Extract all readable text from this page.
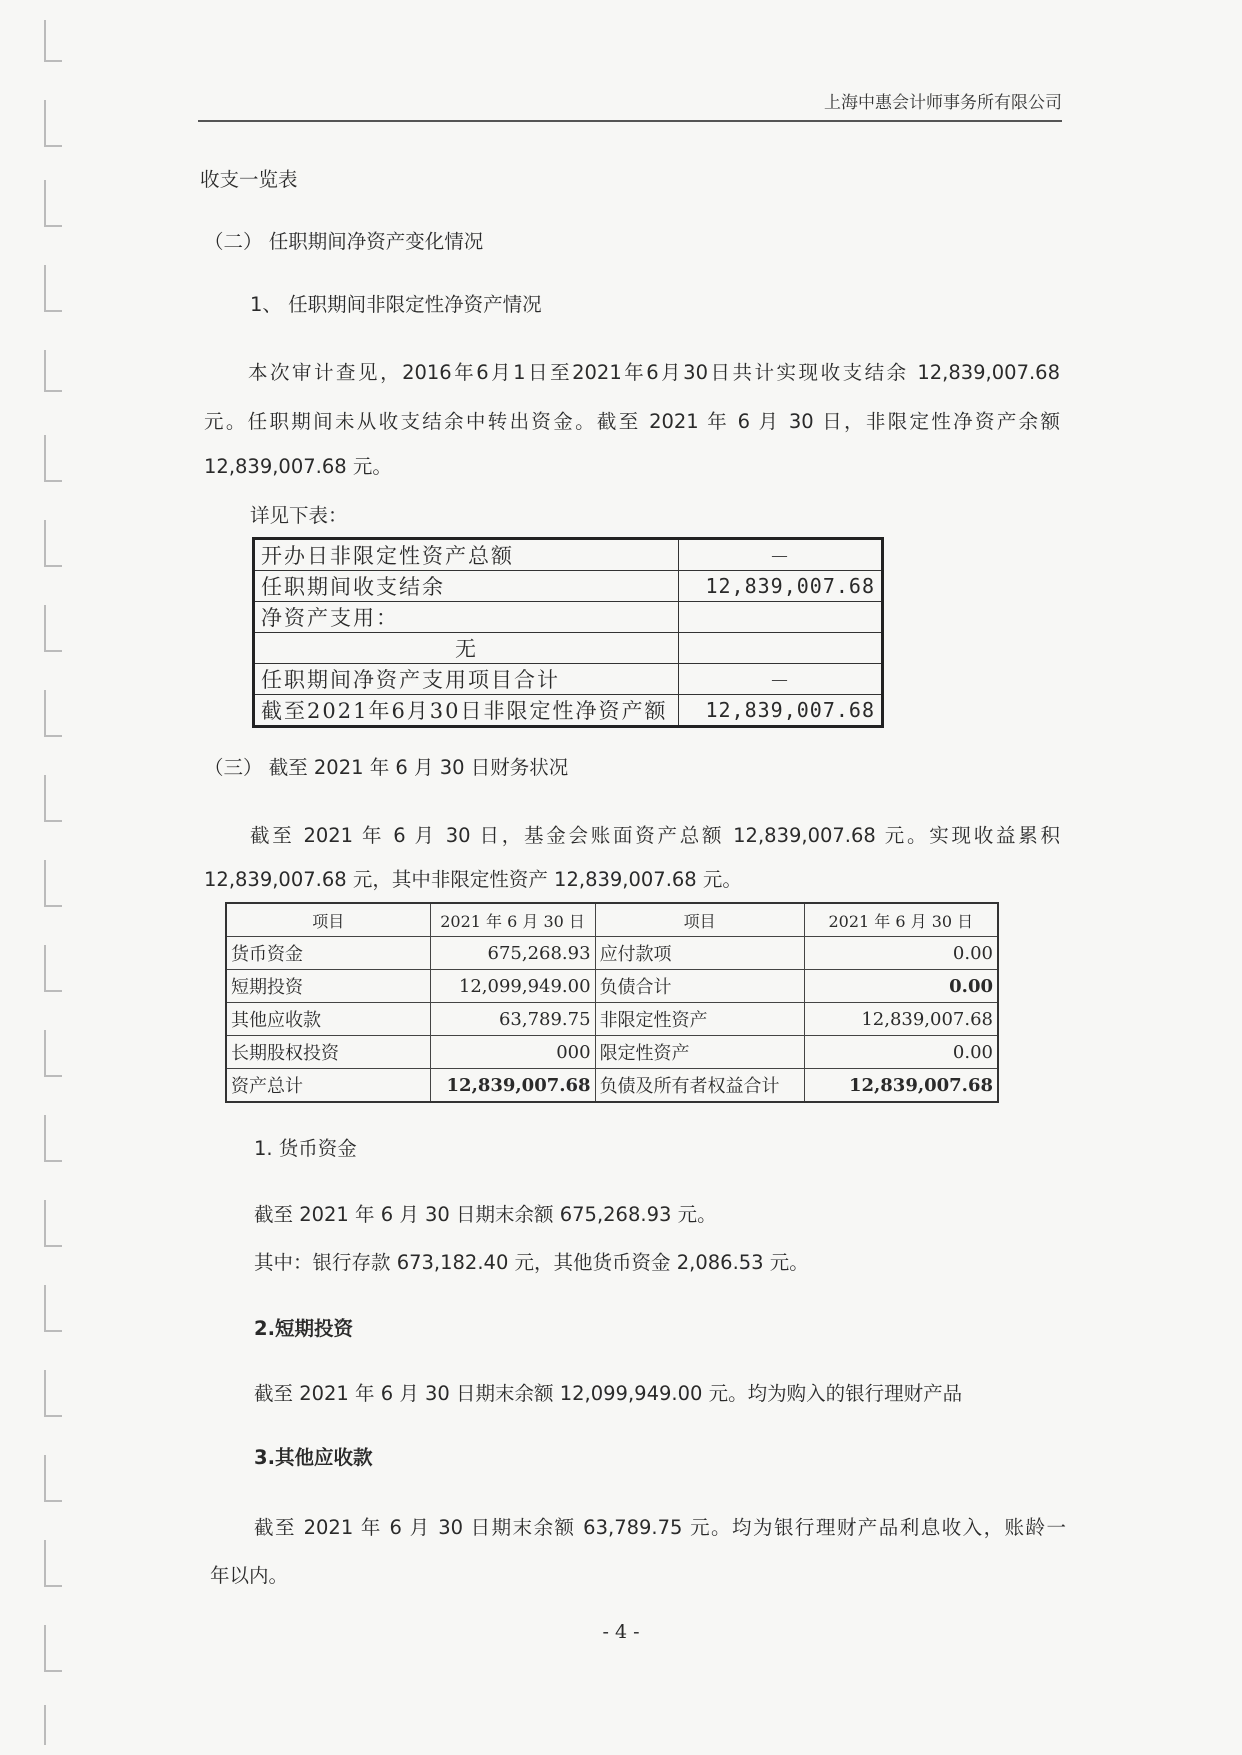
上海中惠会计师事务所有限公司
收支一览表
（二） 任职期间净资产变化情况
1、 任职期间非限定性净资产情况
本次审计查见，2016年6月1日至2021年6月30日共计实现收支结余 12,839,007.68
元。任职期间未从收支结余中转出资金。截至 2021 年 6 月 30 日，非限定性净资产余额
12,839,007.68 元。
详见下表：
开办日非限定性资产总额	－
任职期间收支结余	12,839,007.68
净资产支用：	
无	
任职期间净资产支用项目合计	－
截至2021年6月30日非限定性净资产额	12,839,007.68
（三） 截至 2021 年 6 月 30 日财务状况
截至 2021 年 6 月 30 日，基金会账面资产总额 12,839,007.68 元。实现收益累积
12,839,007.68 元，其中非限定性资产 12,839,007.68 元。
项目	2021 年 6 月 30 日	项目	2021 年 6 月 30 日
货币资金	675,268.93	应付款项	0.00
短期投资	12,099,949.00	负债合计	0.00
其他应收款	63,789.75	非限定性资产	12,839,007.68
长期股权投资	000	限定性资产	0.00
资产总计	12,839,007.68	负债及所有者权益合计	12,839,007.68
1. 货币资金
截至 2021 年 6 月 30 日期末余额 675,268.93 元。
其中：银行存款 673,182.40 元，其他货币资金 2,086.53 元。
2.短期投资
截至 2021 年 6 月 30 日期末余额 12,099,949.00 元。均为购入的银行理财产品
3.其他应收款
截至 2021 年 6 月 30 日期末余额 63,789.75 元。均为银行理财产品利息收入，账龄一
年以内。
- 4 -
